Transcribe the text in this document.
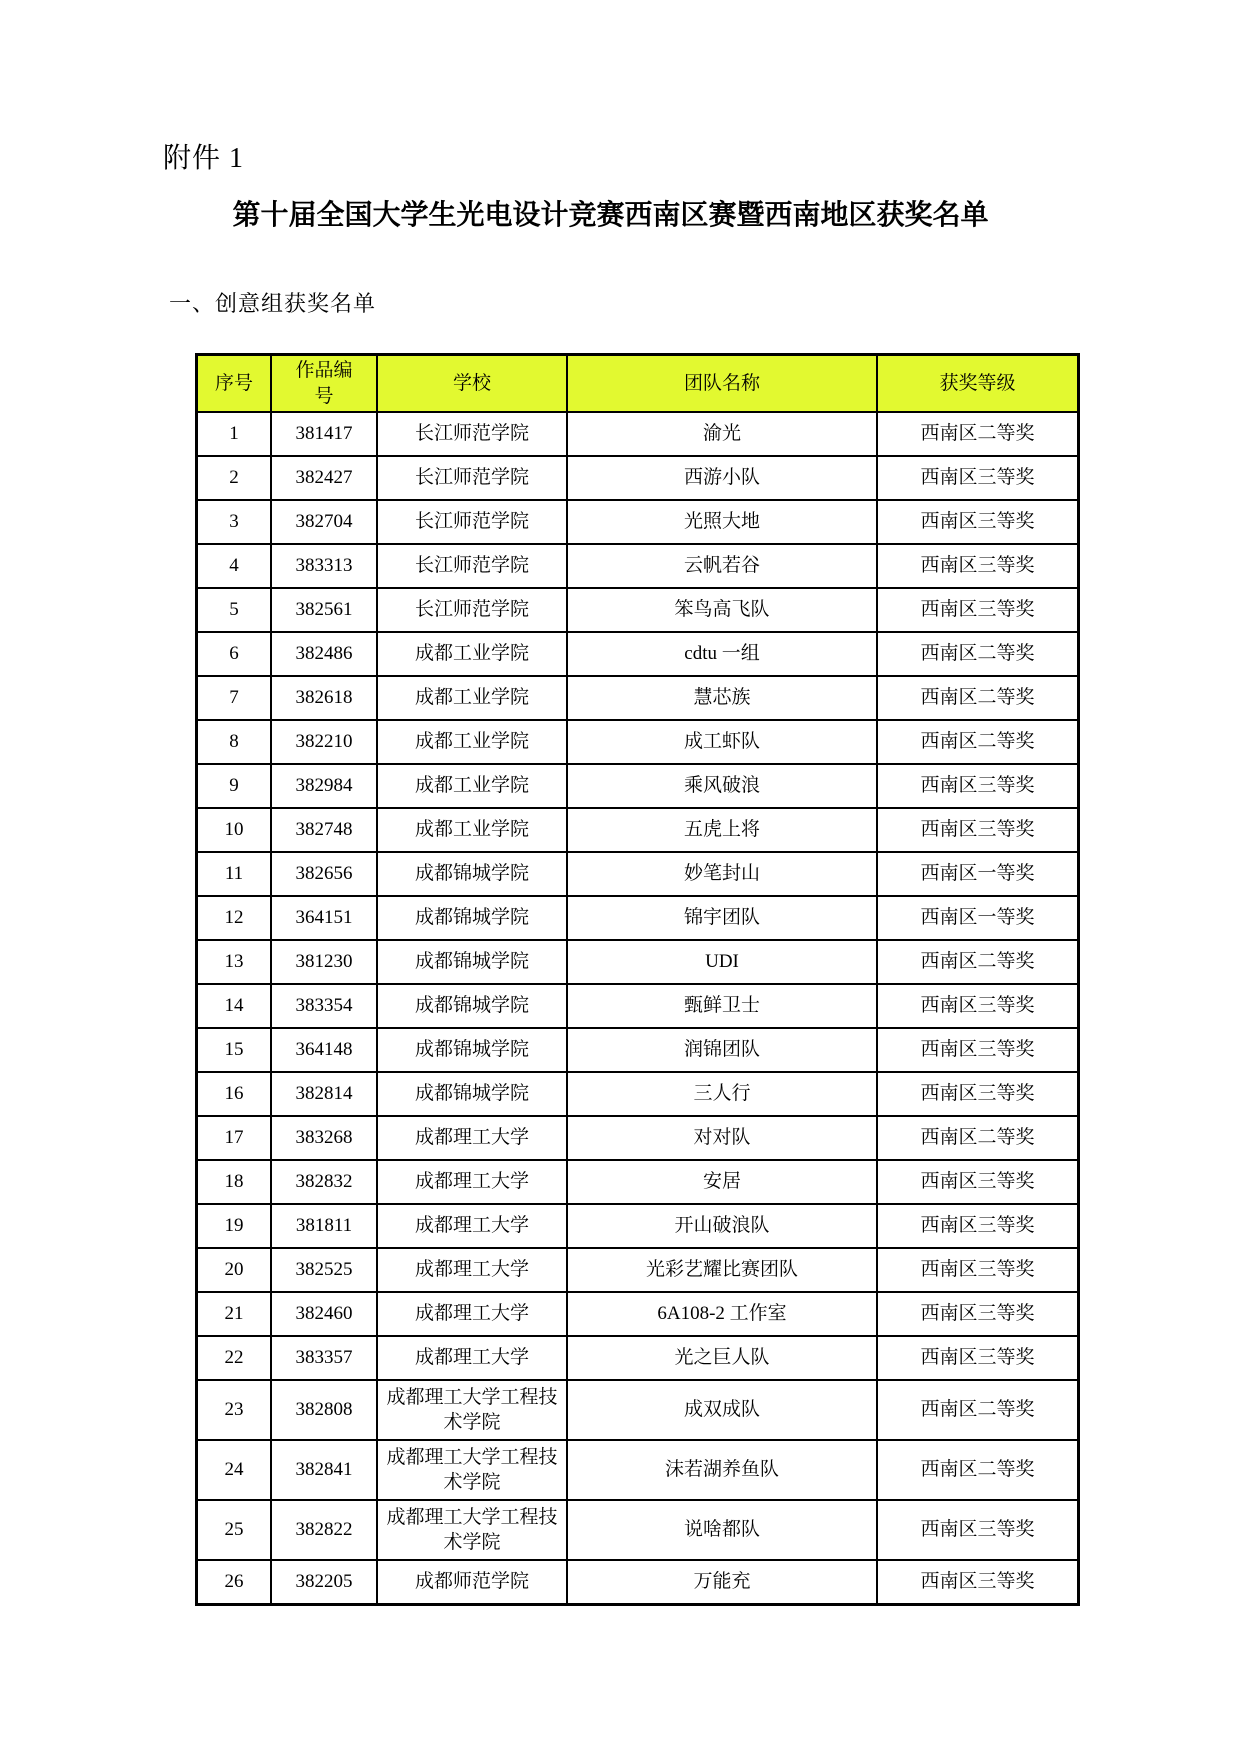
附件 1
第十届全国大学生光电设计竞赛西南区赛暨西南地区获奖名单
一、创意组获奖名单
序号	作品编号	学校	团队名称	获奖等级
1	381417	长江师范学院	渝光	西南区二等奖
2	382427	长江师范学院	西游小队	西南区三等奖
3	382704	长江师范学院	光照大地	西南区三等奖
4	383313	长江师范学院	云帆若谷	西南区三等奖
5	382561	长江师范学院	笨鸟高飞队	西南区三等奖
6	382486	成都工业学院	cdtu 一组	西南区二等奖
7	382618	成都工业学院	慧芯族	西南区二等奖
8	382210	成都工业学院	成工虾队	西南区二等奖
9	382984	成都工业学院	乘风破浪	西南区三等奖
10	382748	成都工业学院	五虎上将	西南区三等奖
11	382656	成都锦城学院	妙笔封山	西南区一等奖
12	364151	成都锦城学院	锦宇团队	西南区一等奖
13	381230	成都锦城学院	UDI	西南区二等奖
14	383354	成都锦城学院	甄鲜卫士	西南区三等奖
15	364148	成都锦城学院	润锦团队	西南区三等奖
16	382814	成都锦城学院	三人行	西南区三等奖
17	383268	成都理工大学	对对队	西南区二等奖
18	382832	成都理工大学	安居	西南区三等奖
19	381811	成都理工大学	开山破浪队	西南区三等奖
20	382525	成都理工大学	光彩艺耀比赛团队	西南区三等奖
21	382460	成都理工大学	6A108-2 工作室	西南区三等奖
22	383357	成都理工大学	光之巨人队	西南区三等奖
23	382808	成都理工大学工程技术学院	成双成队	西南区二等奖
24	382841	成都理工大学工程技术学院	沫若湖养鱼队	西南区二等奖
25	382822	成都理工大学工程技术学院	说啥都队	西南区三等奖
26	382205	成都师范学院	万能充	西南区三等奖
